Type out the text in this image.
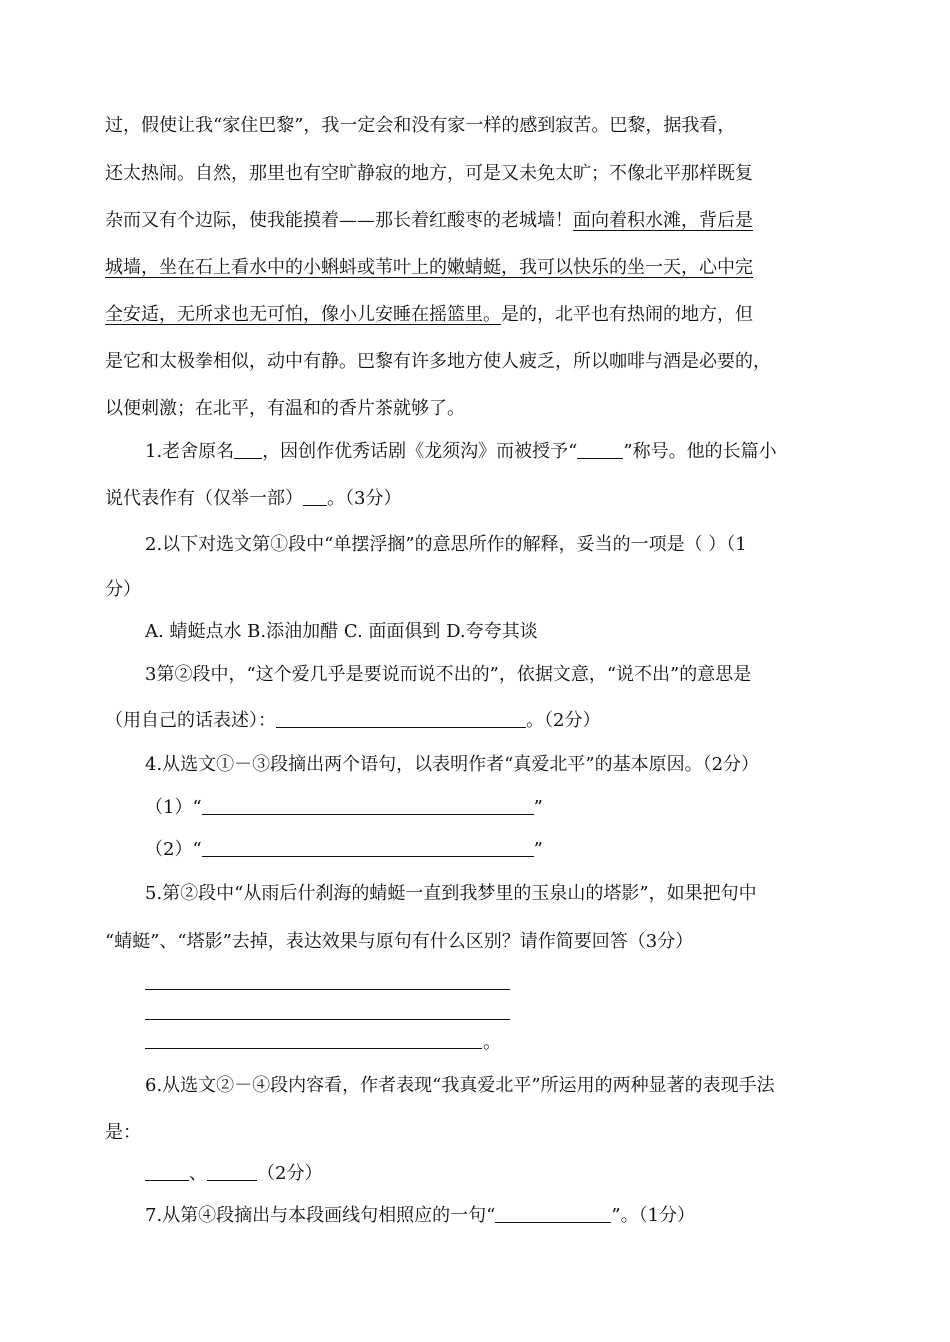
过，假使让我“家住巴黎”，我一定会和没有家一样的感到寂苦。巴黎，据我看，
还太热闹。自然，那里也有空旷静寂的地方，可是又未免太旷；不像北平那样既复
杂而又有个边际，使我能摸着——那长着红酸枣的老城墙！面向着积水滩，背后是
城墙，坐在石上看水中的小蝌蚪或苇叶上的嫩蜻蜓，我可以快乐的坐一天，心中完
全安适，无所求也无可怕，像小儿安睡在摇篮里。是的，北平也有热闹的地方，但
是它和太极拳相似，动中有静。巴黎有许多地方使人疲乏，所以咖啡与酒是必要的，
以便刺激；在北平，有温和的香片茶就够了。
1.老舍原名 ，因创作优秀话剧《龙须沟》而被授予“	”称号。他的长篇小
说代表作有（仅举一部） 。（3分）
2.以下对选文第①段中“单摆浮搁”的意思所作的解释，妥当的一项是（ ）（1
分）
A. 蜻蜓点水 B.添油加醋 C. 面面俱到 D.夸夸其谈
3第②段中，“这个爱几乎是要说而说不出的”，依据文意，“说不出”的意思是
（用自己的话表述）：	。（2分）
4.从选文①－③段摘出两个语句，以表明作者“真爱北平”的基本原因。（2分）
（1）“	”
（2）“	”
5.第②段中“从雨后什刹海的蜻蜓一直到我梦里的玉泉山的塔影”，如果把句中
“蜻蜓”、“塔影”去掉，表达效果与原句有什么区别？请作简要回答（3分）
。
6.从选文②－④段内容看，作者表现“我真爱北平”所运用的两种显著的表现手法
是：
、	（2分）
7.从第④段摘出与本段画线句相照应的一句“	”。（1分）
